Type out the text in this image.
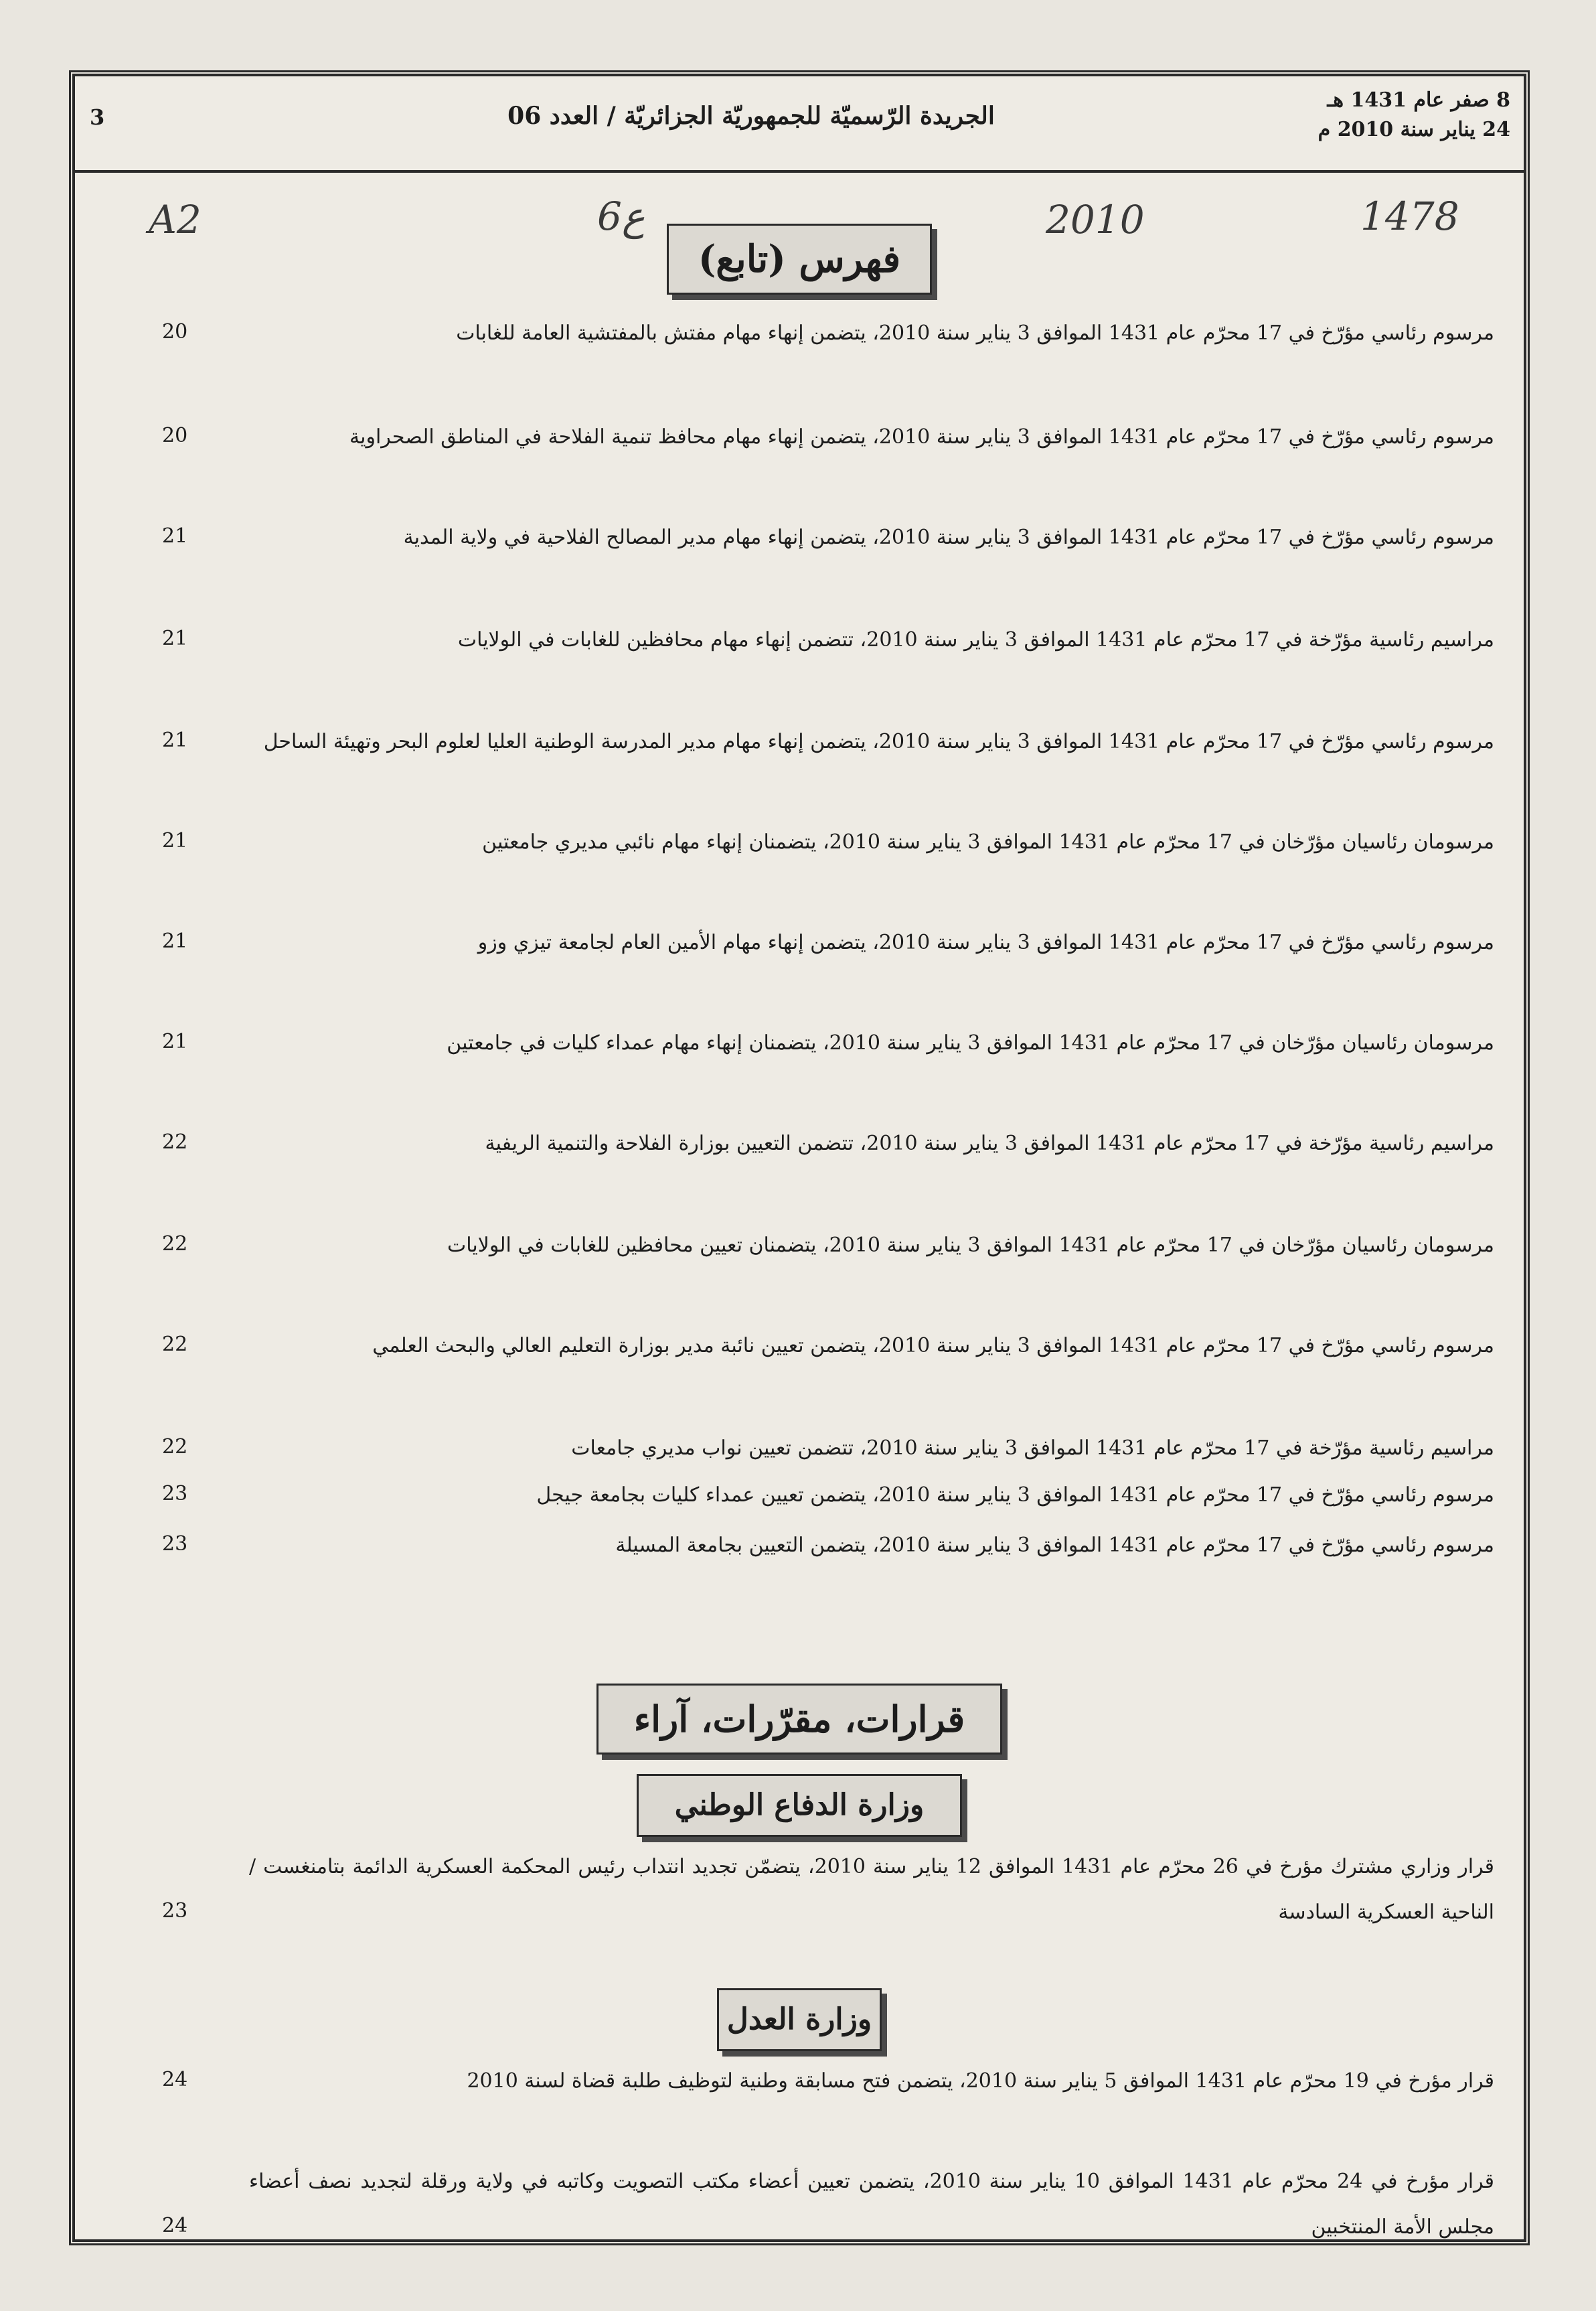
8 صفر عام 1431 هـ
24 يناير سنة 2010 م
الجريدة الرّسميّة للجمهوريّة الجزائريّة / العدد 06
3
A2	6ع	2010	1478
فهرس (تابع)
مرسوم رئاسي مؤرّخ في 17 محرّم عام 1431 الموافق 3 يناير سنة 2010، يتضمن إنهاء مهام مفتش بالمفتشية العامة للغابات
20
مرسوم رئاسي مؤرّخ في 17 محرّم عام 1431 الموافق 3 يناير سنة 2010، يتضمن إنهاء مهام محافظ تنمية الفلاحة في المناطق الصحراوية
20
مرسوم رئاسي مؤرّخ في 17 محرّم عام 1431 الموافق 3 يناير سنة 2010، يتضمن إنهاء مهام مدير المصالح الفلاحية في ولاية المدية
21
مراسيم رئاسية مؤرّخة في 17 محرّم عام 1431 الموافق 3 يناير سنة 2010، تتضمن إنهاء مهام محافظين للغابات في الولايات
21
مرسوم رئاسي مؤرّخ في 17 محرّم عام 1431 الموافق 3 يناير سنة 2010، يتضمن إنهاء مهام مدير المدرسة الوطنية العليا لعلوم البحر وتهيئة الساحل
21
مرسومان رئاسيان مؤرّخان في 17 محرّم عام 1431 الموافق 3 يناير سنة 2010، يتضمنان إنهاء مهام نائبي مديري جامعتين
21
مرسوم رئاسي مؤرّخ في 17 محرّم عام 1431 الموافق 3 يناير سنة 2010، يتضمن إنهاء مهام الأمين العام لجامعة تيزي وزو
21
مرسومان رئاسيان مؤرّخان في 17 محرّم عام 1431 الموافق 3 يناير سنة 2010، يتضمنان إنهاء مهام عمداء كليات في جامعتين
21
مراسيم رئاسية مؤرّخة في 17 محرّم عام 1431 الموافق 3 يناير سنة 2010، تتضمن التعيين بوزارة الفلاحة والتنمية الريفية
22
مرسومان رئاسيان مؤرّخان في 17 محرّم عام 1431 الموافق 3 يناير سنة 2010، يتضمنان تعيين محافظين للغابات في الولايات
22
مرسوم رئاسي مؤرّخ في 17 محرّم عام 1431 الموافق 3 يناير سنة 2010، يتضمن تعيين نائبة مدير بوزارة التعليم العالي والبحث العلمي
22
مراسيم رئاسية مؤرّخة في 17 محرّم عام 1431 الموافق 3 يناير سنة 2010، تتضمن تعيين نواب مديري جامعات
22
مرسوم رئاسي مؤرّخ في 17 محرّم عام 1431 الموافق 3 يناير سنة 2010، يتضمن تعيين عمداء كليات بجامعة جيجل
23
مرسوم رئاسي مؤرّخ في 17 محرّم عام 1431 الموافق 3 يناير سنة 2010، يتضمن التعيين بجامعة المسيلة
23
قرارات، مقرّرات، آراء
وزارة الدفاع الوطني
قرار وزاري مشترك مؤرخ في 26 محرّم عام 1431 الموافق 12 يناير سنة 2010، يتضمّن تجديد انتداب رئيس المحكمة العسكرية الدائمة بتامنغست / الناحية العسكرية السادسة
23
وزارة العدل
قرار مؤرخ في 19 محرّم عام 1431 الموافق 5 يناير سنة 2010، يتضمن فتح مسابقة وطنية لتوظيف طلبة قضاة لسنة 2010
24
قرار مؤرخ في 24 محرّم عام 1431 الموافق 10 يناير سنة 2010، يتضمن تعيين أعضاء مكتب التصويت وكاتبه في ولاية ورقلة لتجديد نصف أعضاء مجلس الأمة المنتخبين
24
